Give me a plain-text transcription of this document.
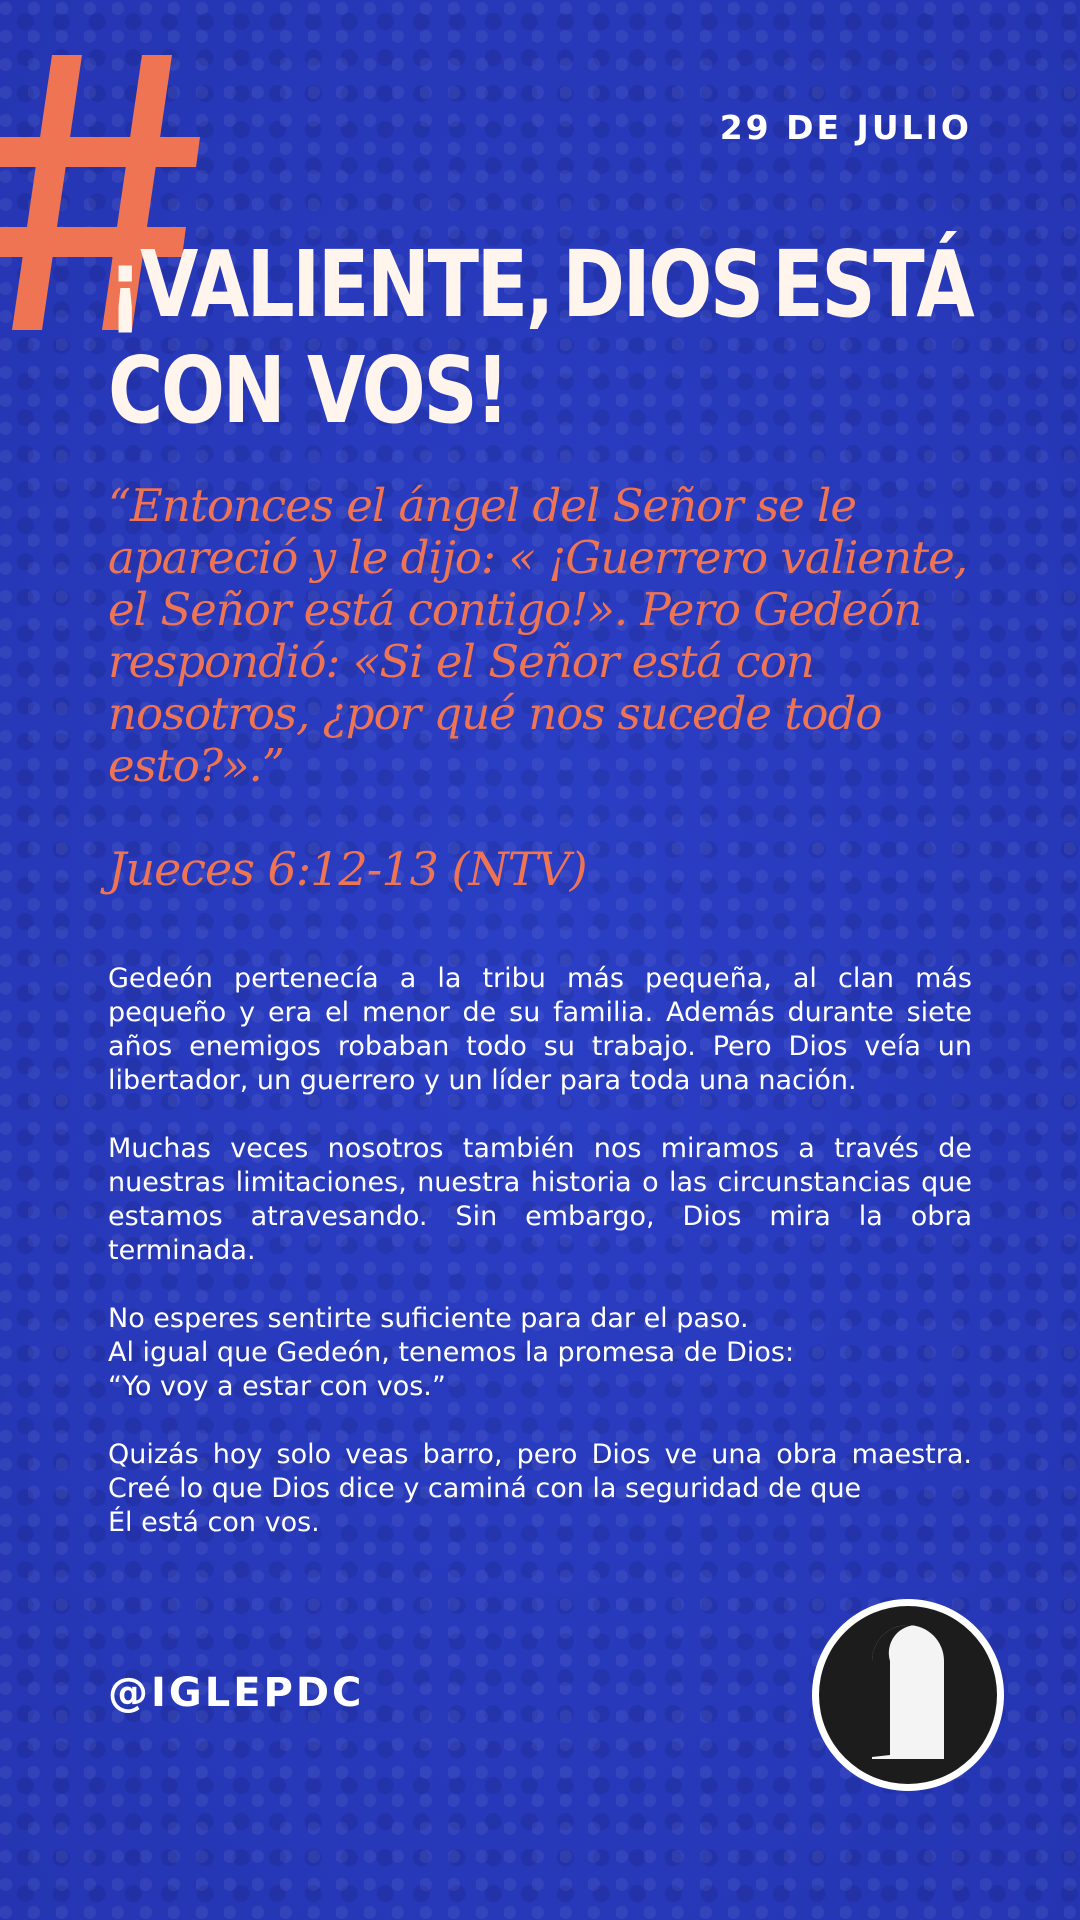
29 DE JULIO

¡VALIENTE, DIOS ESTÁ
CON VOS!

“Entonces el ángel del Señor se le apareció y le dijo: « ¡Guerrero valiente, el Señor está contigo!». Pero Gedeón respondió: «Si el Señor está con nosotros, ¿por qué nos sucede todo esto?».”

Jueces 6:12-13 (NTV)

Gedeón pertenecía a la tribu más pequeña, al clan más pequeño y era el menor de su familia. Además durante siete años enemigos robaban todo su trabajo. Pero Dios veía un libertador, un guerrero y un líder para toda una nación.

Muchas veces nosotros también nos miramos a través de nuestras limitaciones, nuestra historia o las circunstancias que estamos atravesando. Sin embargo, Dios mira la obra terminada.

No esperes sentirte suficiente para dar el paso.
Al igual que Gedeón, tenemos la promesa de Dios:
“Yo voy a estar con vos.”

Quizás hoy solo veas barro, pero Dios ve una obra maestra. Creé lo que Dios dice y caminá con la seguridad de que
Él está con vos.

@IGLEPDC
